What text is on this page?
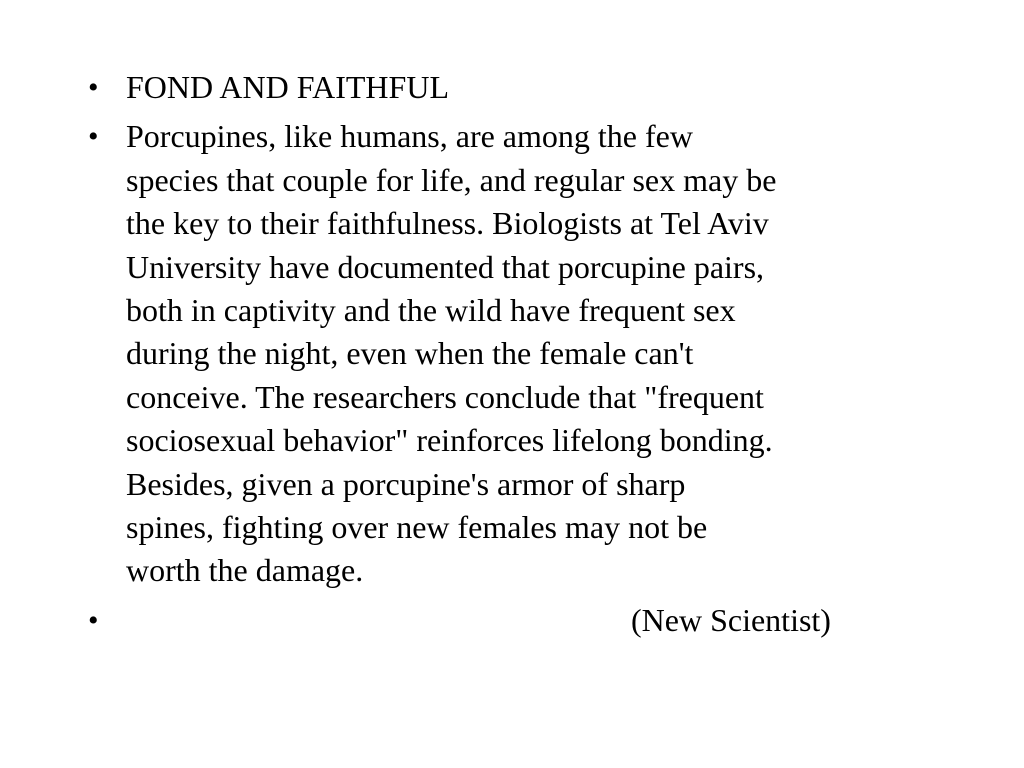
• FOND AND FAITHFUL
• Porcupines, like humans, are among the few
species that couple for life, and regular sex may be
the key to their faithfulness. Biologists at Tel Aviv
University have documented that porcupine pairs,
both in captivity and the wild have frequent sex
during the night, even when the female can't
conceive. The researchers conclude that "frequent
sociosexual behavior" reinforces lifelong bonding.
Besides, given a porcupine's armor of sharp
spines, fighting over new females may not be
worth the damage.
•	(New Scientist)
